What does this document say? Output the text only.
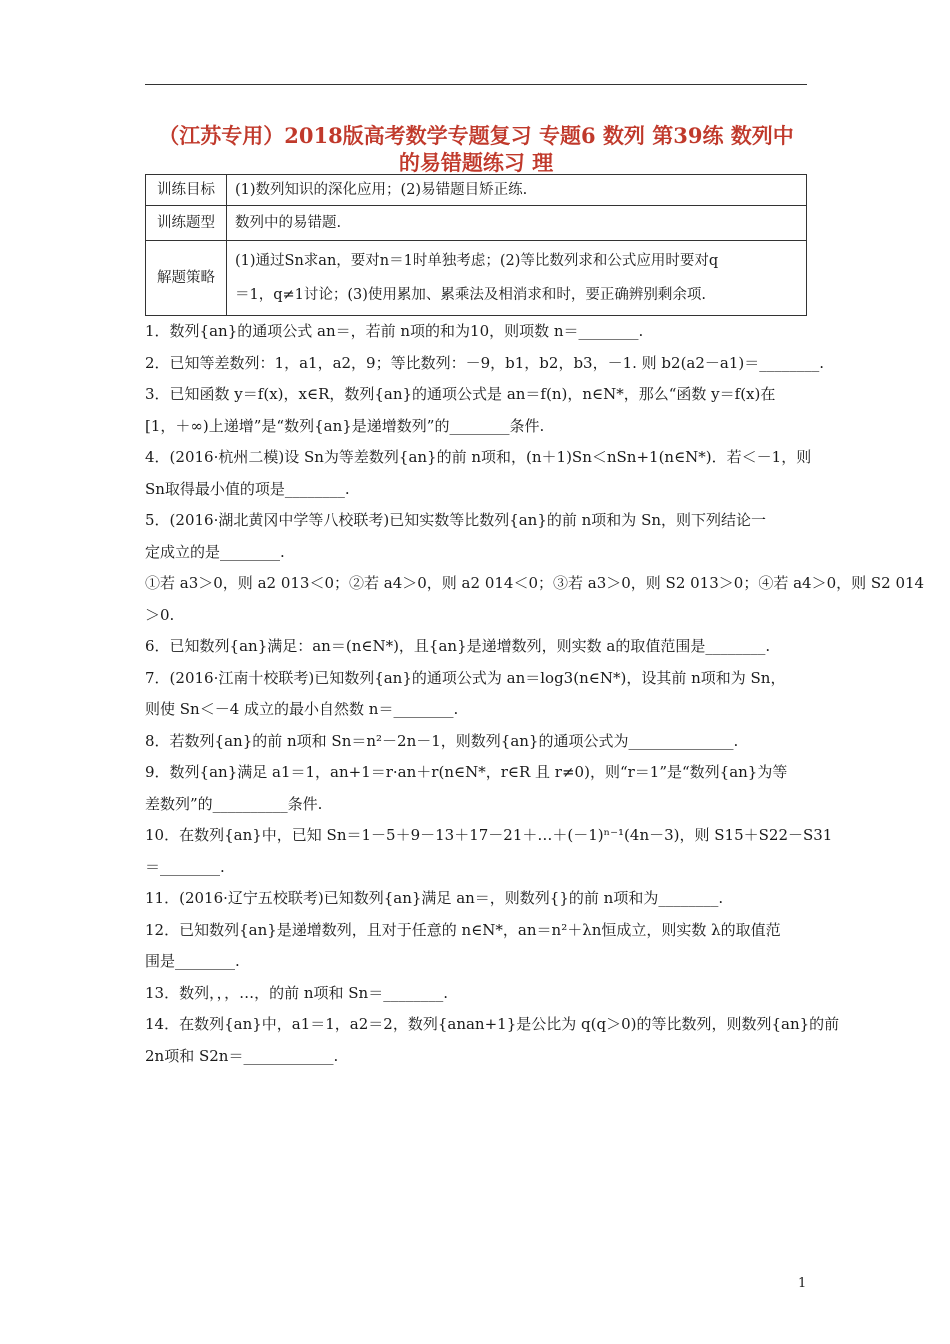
（江苏专用）2018版高考数学专题复习 专题6 数列 第39练 数列中
的易错题练习 理
训练目标	(1)数列知识的深化应用；(2)易错题目矫正练.

训练题型	数列中的易错题.

解题策略	(1)通过Sn求an，要对n＝1时单独考虑；(2)等比数列求和公式应用时要对q
＝1，q≠1讨论；(3)使用累加、累乘法及相消求和时，要正确辨别剩余项.
1．数列{an}的通项公式 an＝，若前 n项的和为10，则项数 n＝________.
2．已知等差数列：1，a1，a2，9；等比数列：－9，b1，b2，b3，－1. 则 b2(a2－a1)＝________.
3．已知函数 y＝f(x)，x∈R，数列{an}的通项公式是 an＝f(n)，n∈N*，那么“函数 y＝f(x)在
[1，＋∞)上递增”是“数列{an}是递增数列”的________条件.
4．(2016·杭州二模)设 Sn为等差数列{an}的前 n项和，(n＋1)Sn＜nSn+1(n∈N*)．若＜－1，则
Sn取得最小值的项是________.
5．(2016·湖北黄冈中学等八校联考)已知实数等比数列{an}的前 n项和为 Sn，则下列结论一
定成立的是________.
①若 a3＞0，则 a2 013＜0；②若 a4＞0，则 a2 014＜0；③若 a3＞0，则 S2 013＞0；④若 a4＞0，则 S2 014
＞0.
6．已知数列{an}满足：an＝(n∈N*)，且{an}是递增数列，则实数 a的取值范围是________.
7．(2016·江南十校联考)已知数列{an}的通项公式为 an＝log3(n∈N*)，设其前 n项和为 Sn，
则使 Sn＜－4 成立的最小自然数 n＝________.
8．若数列{an}的前 n项和 Sn＝n²－2n－1，则数列{an}的通项公式为______________.
9．数列{an}满足 a1＝1，an+1＝r·an＋r(n∈N*，r∈R 且 r≠0)，则“r＝1”是“数列{an}为等
差数列”的__________条件.
10．在数列{an}中，已知 Sn＝1－5＋9－13＋17－21＋…＋(－1)ⁿ⁻¹(4n－3)，则 S15＋S22－S31
＝________.
11．(2016·辽宁五校联考)已知数列{an}满足 an＝，则数列{}的前 n项和为________.
12．已知数列{an}是递增数列，且对于任意的 n∈N*，an＝n²＋λn恒成立，则实数 λ的取值范
围是________.
13．数列，，，…，的前 n项和 Sn＝________.
14．在数列{an}中，a1＝1，a2＝2，数列{anan+1}是公比为 q(q＞0)的等比数列，则数列{an}的前
2n项和 S2n＝____________.
1
